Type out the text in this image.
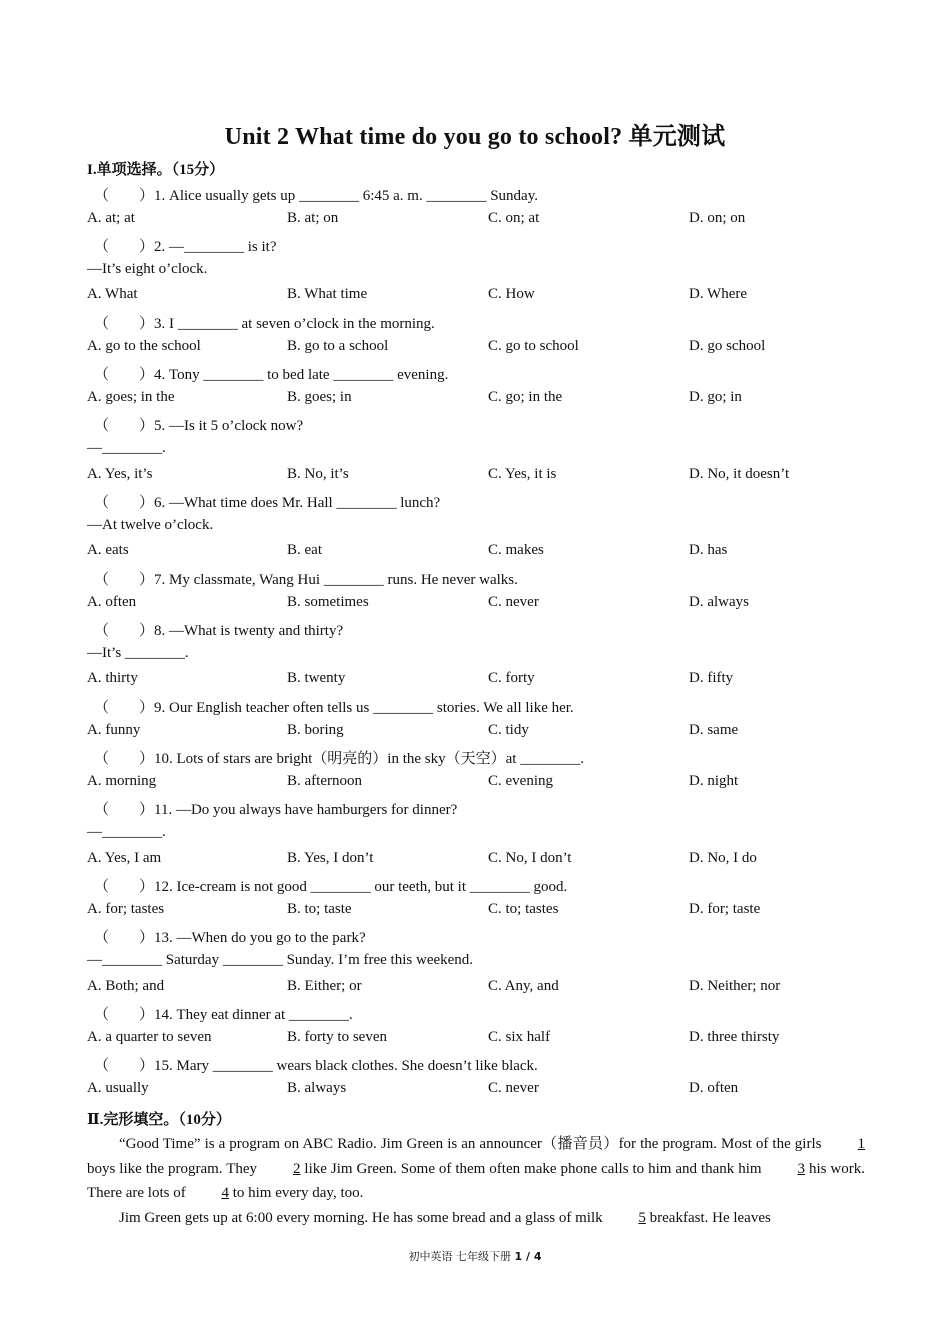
Unit 2 What time do you go to school? 单元测试
I.单项选择。（15分）
（　　）1. Alice usually gets up ________ 6:45 a. m. ________ Sunday.
A. at; at	B. at; on	C. on; at	D. on; on
（　　）2. —________ is it?
—It’s eight o’clock.
A. What	B. What time	C. How	D. Where
（　　）3. I ________ at seven o’clock in the morning.
A. go to the school	B. go to a school	C. go to school	D. go school
（　　）4. Tony ________ to bed late ________ evening.
A. goes; in the	B. goes; in	C. go; in the	D. go; in
（　　）5. —Is it 5 o’clock now?
—________.
A. Yes, it’s	B. No, it’s	C. Yes, it is	D. No, it doesn’t
（　　）6. —What time does Mr. Hall ________ lunch?
—At twelve o’clock.
A. eats	B. eat	C. makes	D. has
（　　）7. My classmate, Wang Hui ________ runs. He never walks.
A. often	B. sometimes	C. never	D. always
（　　）8. —What is twenty and thirty?
—It’s ________.
A. thirty	B. twenty	C. forty	D. fifty
（　　）9. Our English teacher often tells us ________ stories. We all like her.
A. funny	B. boring	C. tidy	D. same
（　　）10. Lots of stars are bright（明亮的）in the sky（天空）at ________.
A. morning	B. afternoon	C. evening	D. night
（　　）11. —Do you always have hamburgers for dinner?
—________.
A. Yes, I am	B. Yes, I don’t	C. No, I don’t	D. No, I do
（　　）12. Ice-cream is not good ________ our teeth, but it ________ good.
A. for; tastes	B. to; taste	C. to; tastes	D. for; taste
（　　）13. —When do you go to the park?
—________ Saturday ________ Sunday. I’m free this weekend.
A. Both; and	B. Either; or	C. Any, and	D. Neither; nor
（　　）14. They eat dinner at ________.
A. a quarter to seven	B. forty to seven	C. six half	D. three thirsty
（　　）15. Mary ________ wears black clothes. She doesn’t like black.
A. usually	B. always	C. never	D. often
Ⅱ.完形填空。（10分）

“Good Time” is a program on ABC Radio. Jim Green is an announcer（播音员）for the program. Most of the girls 1 boys like the program. They 2 like Jim Green. Some of them often make phone calls to him and thank him 3 his work. There are lots of 4 to him every day, too.

Jim Green gets up at 6:00 every morning. He has some bread and a glass of milk 5 breakfast. He leaves

初中英语 七年级下册 1 / 4
